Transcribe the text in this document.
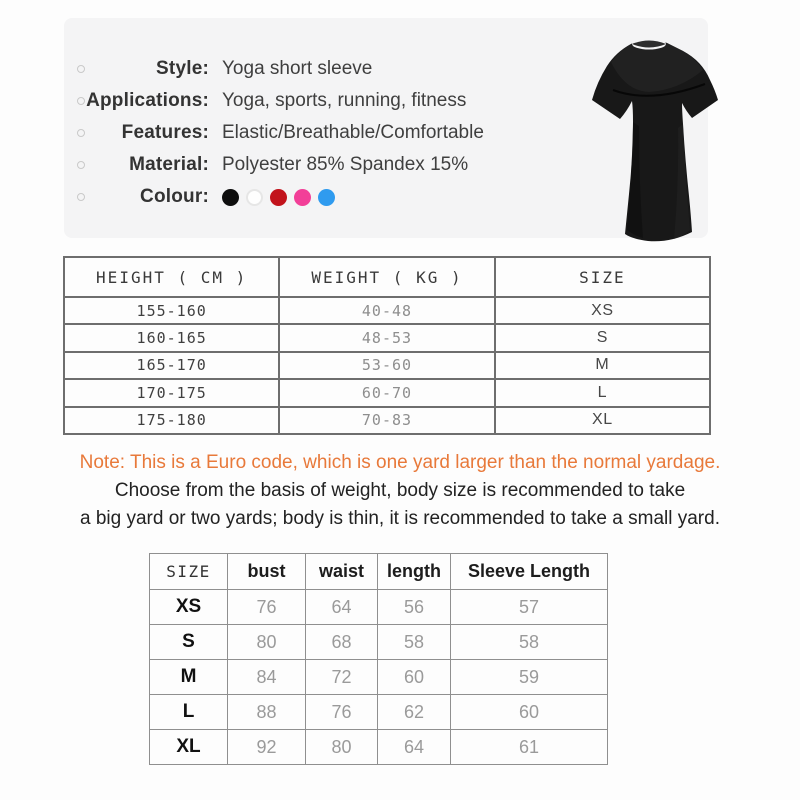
Style: Yoga short sleeve
Applications: Yoga, sports, running, fitness
Features: Elastic/Breathable/Comfortable
Material: Polyester 85% Spandex 15%
Colour:
HEIGHT ( CM )	WEIGHT ( KG )	SIZE
155-160	40-48	XS
160-165	48-53	S
165-170	53-60	M
170-175	60-70	L
175-180	70-83	XL
Note: This is a Euro code, which is one yard larger than the normal yardage.
Choose from the basis of weight, body size is recommended to take
a big yard or two yards; body is thin, it is recommended to take a small yard.
SIZE	bust	waist	length	Sleeve Length
XS	76	64	56	57
S	80	68	58	58
M	84	72	60	59
L	88	76	62	60
XL	92	80	64	61
